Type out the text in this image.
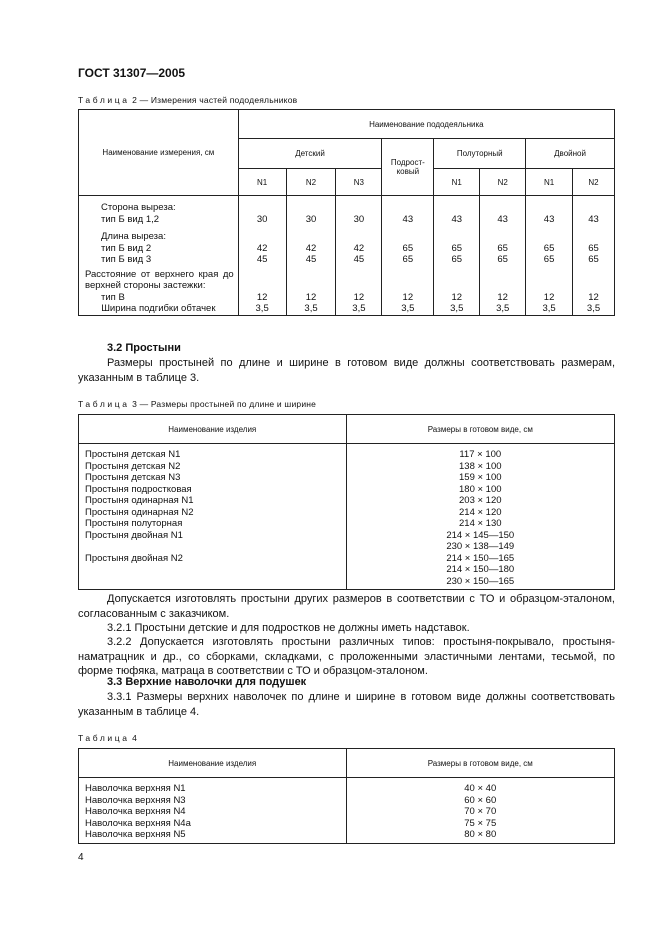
ГОСТ 31307—2005
Таблица 2 — Измерения частей пододеяльников
Наименование измерения, см	Наименование пододеяльника							
	Детский			Подрост-ковый	Полуторный		Двойной	
	N1	N2	N3		N1	N2	N1	N2
Сторона выреза:								
тип Б вид 1,2	30	30	30	43	43	43	43	43
Длина выреза:								
тип Б вид 2	42	42	42	65	65	65	65	65
тип Б вид 3	45	45	45	65	65	65	65	65
Расстояние от верхнего края до верхней стороны застежки:								
тип В	12	12	12	12	12	12	12	12
Ширина подгибки обтачек	3,5	3,5	3,5	3,5	3,5	3,5	3,5	3,5
3.2 Простыни
Размеры простыней по длине и ширине в готовом виде должны соответствовать размерам, указанным в таблице 3.
Таблица 3 — Размеры простыней по длине и ширине
Наименование изделия	Размеры в готовом виде, см
Простыня детская N1	117 × 100
Простыня детская N2	138 × 100
Простыня детская N3	159 × 100
Простыня подростковая	180 × 100
Простыня одинарная N1	203 × 120
Простыня одинарная N2	214 × 120
Простыня полуторная	214 × 130
Простыня двойная N1	214 × 145—150
	230 × 138—149
Простыня двойная N2	214 × 150—165
	214 × 150—180
	230 × 150—165
Допускается изготовлять простыни других размеров в соответствии с ТО и образцом-эталоном, согласованным с заказчиком.
3.2.1 Простыни детские и для подростков не должны иметь надставок.
3.2.2 Допускается изготовлять простыни различных типов: простыня-покрывало, простыня-наматрацник и др., со сборками, складками, с проложенными эластичными лентами, тесьмой, по форме тюфяка, матраца в соответствии с ТО и образцом-эталоном.
3.3 Верхние наволочки для подушек
3.3.1 Размеры верхних наволочек по длине и ширине в готовом виде должны соответствовать указанным в таблице 4.
Таблица 4
Наименование изделия	Размеры в готовом виде, см
Наволочка верхняя N1	40 × 40
Наволочка верхняя N3	60 × 60
Наволочка верхняя N4	70 × 70
Наволочка верхняя N4а	75 × 75
Наволочка верхняя N5	80 × 80
4
